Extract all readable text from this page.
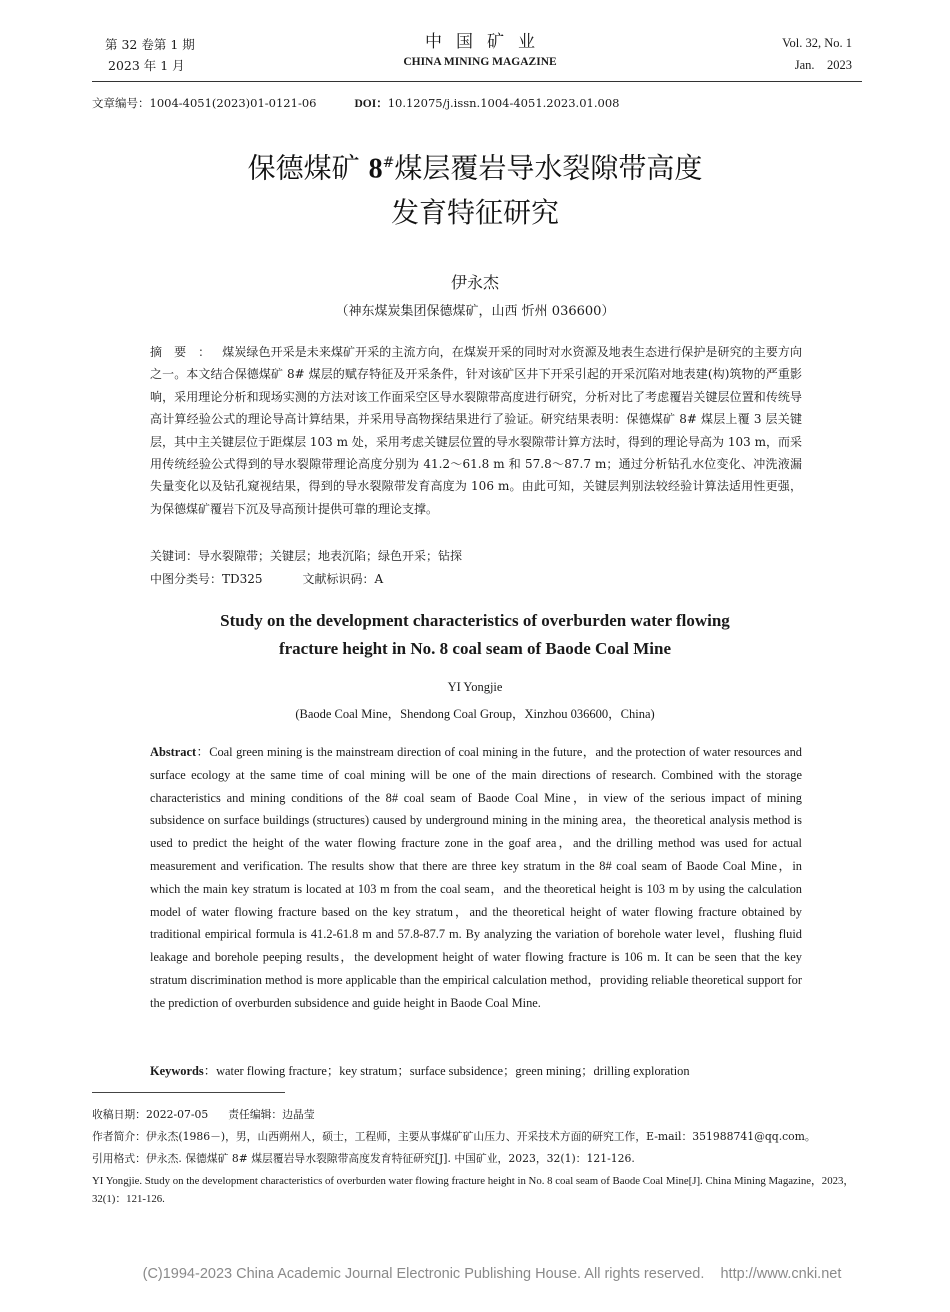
第 32 卷第 1 期
2023 年 1 月
中国矿业
CHINA MINING MAGAZINE
Vol. 32, No. 1
Jan.    2023
文章编号：1004-4051(2023)01-0121-06	DOI：10.12075/j.issn.1004-4051.2023.01.008
保德煤矿 8#煤层覆岩导水裂隙带高度
发育特征研究
伊永杰
（神东煤炭集团保德煤矿，山西 忻州 036600）
摘要：煤炭绿色开采是未来煤矿开采的主流方向，在煤炭开采的同时对水资源及地表生态进行保护是研究的主要方向之一。本文结合保德煤矿 8# 煤层的赋存特征及开采条件，针对该矿区井下开采引起的开采沉陷对地表建(构)筑物的严重影响，采用理论分析和现场实测的方法对该工作面采空区导水裂隙带高度进行研究，分析对比了考虑覆岩关键层位置和传统导高计算经验公式的理论导高计算结果，并采用导高物探结果进行了验证。研究结果表明：保德煤矿 8# 煤层上覆 3 层关键层，其中主关键层位于距煤层 103 m 处，采用考虑关键层位置的导水裂隙带计算方法时，得到的理论导高为 103 m，而采用传统经验公式得到的导水裂隙带理论高度分别为 41.2～61.8 m 和 57.8～87.7 m；通过分析钻孔水位变化、冲洗液漏失量变化以及钻孔窥视结果，得到的导水裂隙带发育高度为 106 m。由此可知，关键层判别法较经验计算法适用性更强，为保德煤矿覆岩下沉及导高预计提供可靠的理论支撑。
关键词：导水裂隙带；关键层；地表沉陷；绿色开采；钻探
中图分类号：TD325	文献标识码：A
Study on the development characteristics of overburden water flowing
fracture height in No. 8 coal seam of Baode Coal Mine
YI Yongjie
(Baode Coal Mine，Shendong Coal Group，Xinzhou 036600，China)
Abstract：Coal green mining is the mainstream direction of coal mining in the future，and the protection of water resources and surface ecology at the same time of coal mining will be one of the main directions of research. Combined with the storage characteristics and mining conditions of the 8# coal seam of Baode Coal Mine，in view of the serious impact of mining subsidence on surface buildings (structures) caused by underground mining in the mining area，the theoretical analysis method is used to predict the height of the water flowing fracture zone in the goaf area，and the drilling method was used for actual measurement and verification. The results show that there are three key stratum in the 8# coal seam of Baode Coal Mine，in which the main key stratum is located at 103 m from the coal seam，and the theoretical height is 103 m by using the calculation model of water flowing fracture based on the key stratum，and the theoretical height of water flowing fracture obtained by traditional empirical formula is 41.2-61.8 m and 57.8-87.7 m. By analyzing the variation of borehole water level，flushing fluid leakage and borehole peeping results，the development height of water flowing fracture is 106 m. It can be seen that the key stratum discrimination method is more applicable than the empirical calculation method，providing reliable theoretical support for the prediction of overburden subsidence and guide height in Baode Coal Mine.
Keywords：water flowing fracture；key stratum；surface subsidence；green mining；drilling exploration
收稿日期：2022-07-05 责任编辑：边晶莹
作者简介：伊永杰(1986－)，男，山西朔州人，硕士，工程师，主要从事煤矿矿山压力、开采技术方面的研究工作，E-mail：351988741@qq.com。
引用格式：伊永杰. 保德煤矿 8# 煤层覆岩导水裂隙带高度发育特征研究[J]. 中国矿业，2023，32(1)：121-126.
YI Yongjie. Study on the development characteristics of overburden water flowing fracture height in No. 8 coal seam of Baode Coal Mine[J]. China Mining Magazine，2023，32(1)：121-126.
(C)1994-2023 China Academic Journal Electronic Publishing House. All rights reserved.    http://www.cnki.net
